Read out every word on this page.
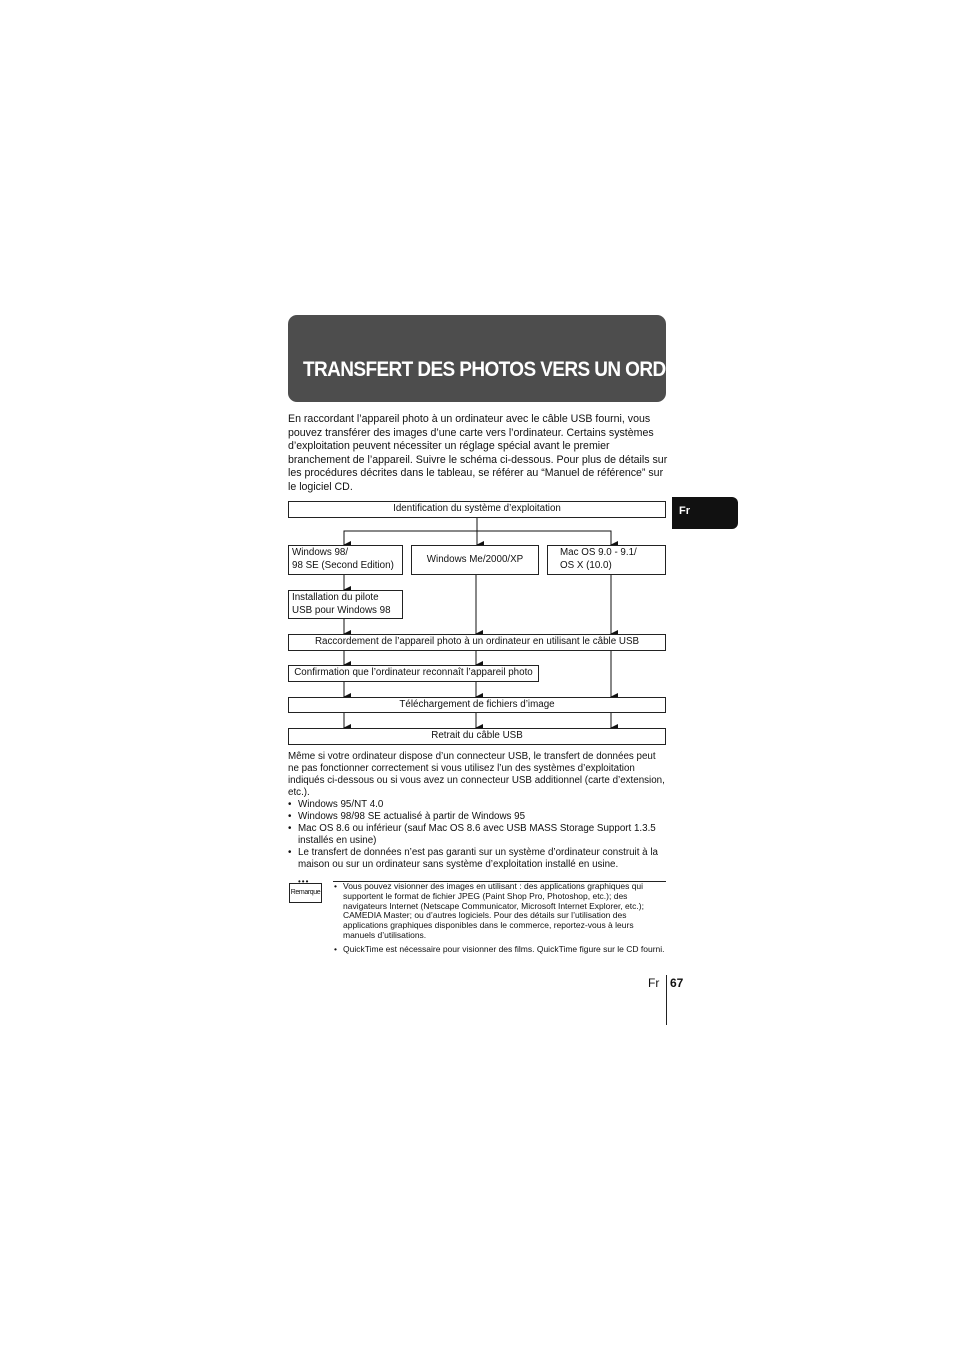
TRANSFERT DES PHOTOS VERS UN ORDINATEUR
Fr
En raccordant l’appareil photo à un ordinateur avec le câble USB fourni, vous pouvez transférer des images d’une carte vers l’ordinateur. Certains systèmes d’exploitation peuvent nécessiter un réglage spécial avant le premier branchement de l’appareil. Suivre le schéma ci-dessous. Pour plus de détails sur les procédures décrites dans le tableau, se référer au “Manuel de référence” sur le logiciel CD.
Identification du système d’exploitation
Windows 98/
98 SE (Second Edition)
Windows Me/2000/XP
Mac OS 9.0 - 9.1/
OS X (10.0)
Installation du pilote
USB pour Windows 98
Raccordement de l’appareil photo à un ordinateur en utilisant le câble USB
Confirmation que l’ordinateur reconnaît l’appareil photo
Téléchargement de fichiers d’image
Retrait du câble USB
Même si votre ordinateur dispose d’un connecteur USB, le transfert de données peut ne pas fonctionner correctement si vous utilisez l’un des systèmes d’exploitation indiqués ci-dessous ou si vous avez un connecteur USB additionnel (carte d’extension, etc.).
• Windows 95/NT 4.0
• Windows 98/98 SE actualisé à partir de Windows 95
• Mac OS 8.6 ou inférieur (sauf Mac OS 8.6 avec USB MASS Storage Support 1.3.5 installés en usine)
• Le transfert de données n’est pas garanti sur un système d’ordinateur construit à la maison ou sur un ordinateur sans système d’exploitation installé en usine.
•••
Remarque
• Vous pouvez visionner des images en utilisant : des applications graphiques qui supportent le format de fichier JPEG (Paint Shop Pro, Photoshop, etc.); des navigateurs Internet (Netscape Communicator, Microsoft Internet Explorer, etc.); CAMEDIA Master; ou d’autres logiciels. Pour des détails sur l’utilisation des applications graphiques disponibles dans le commerce, reportez-vous à leurs manuels d’utilisations.
• QuickTime est nécessaire pour visionner des films. QuickTime figure sur le CD fourni.
Fr 67
